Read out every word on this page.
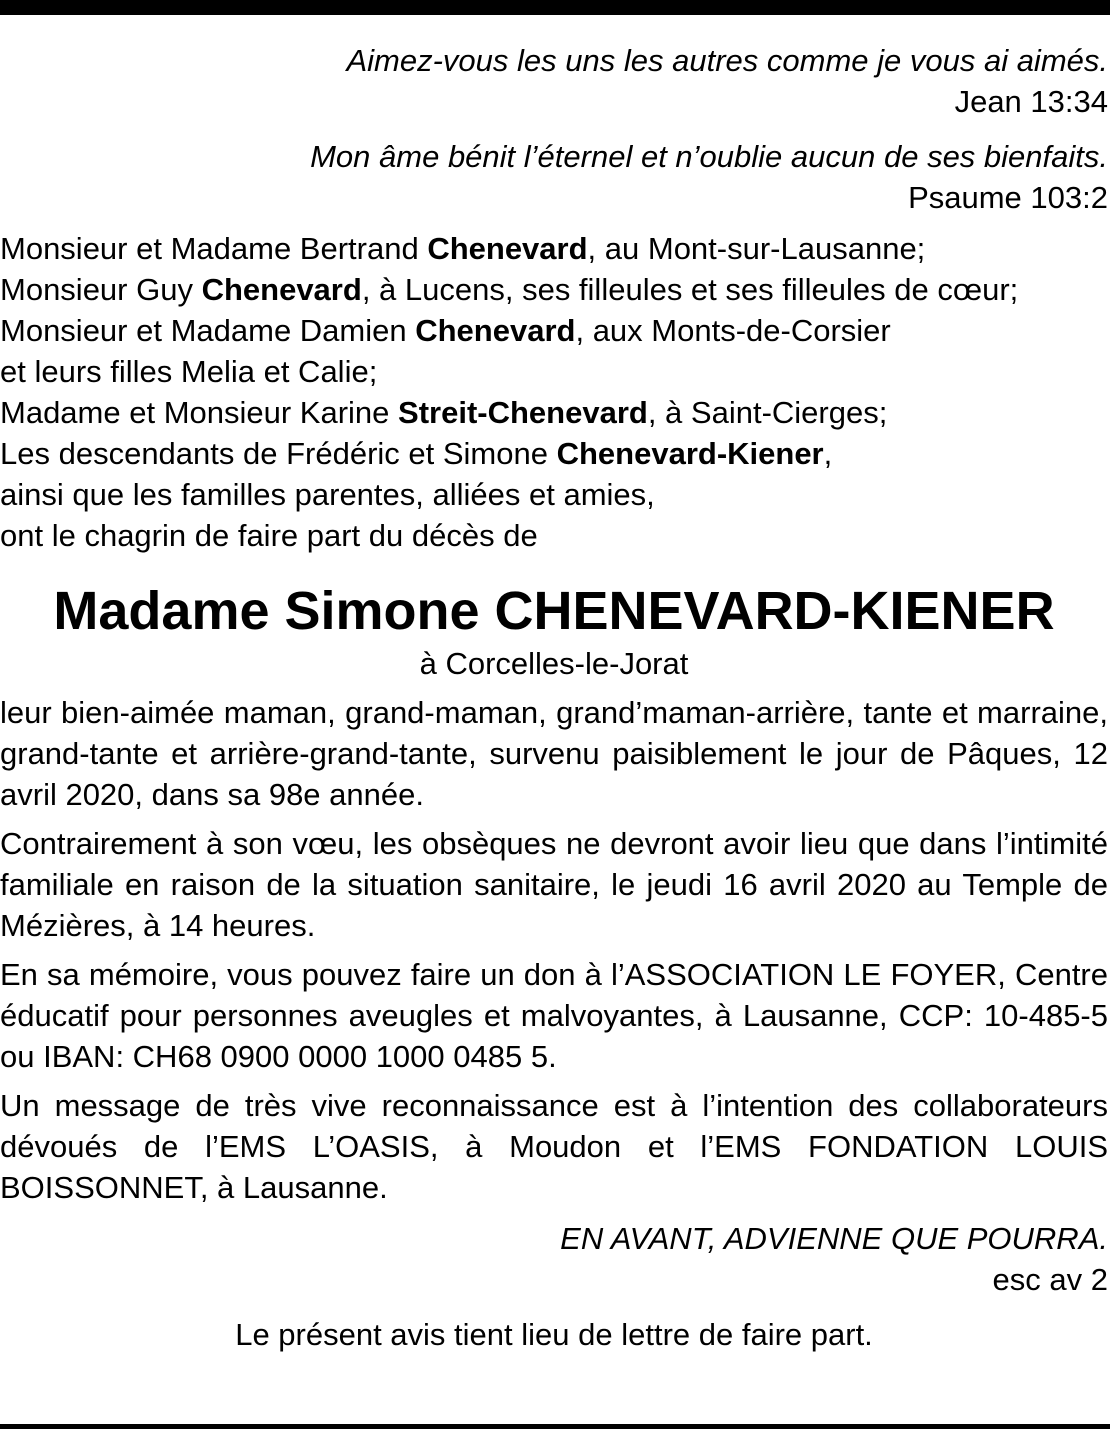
Aimez-vous les uns les autres comme je vous ai aimés.
Jean 13:34
Mon âme bénit l’éternel et n’oublie aucun de ses bienfaits.
Psaume 103:2
Monsieur et Madame Bertrand Chenevard, au Mont-sur-Lausanne;
Monsieur Guy Chenevard, à Lucens, ses filleules et ses filleules de cœur;
Monsieur et Madame Damien Chenevard, aux Monts-de-Corsier
et leurs filles Melia et Calie;
Madame et Monsieur Karine Streit-Chenevard, à Saint-Cierges;
Les descendants de Frédéric et Simone Chenevard-Kiener,
ainsi que les familles parentes, alliées et amies,
ont le chagrin de faire part du décès de
Madame Simone CHENEVARD-KIENER
à Corcelles-le-Jorat

leur bien-aimée maman, grand-maman, grand’maman-arrière, tante et marraine, grand-tante et arrière-grand-tante, survenu paisiblement le jour de Pâques, 12 avril 2020, dans sa 98e année.

Contrairement à son vœu, les obsèques ne devront avoir lieu que dans l’intimité familiale en raison de la situation sanitaire, le jeudi 16 avril 2020 au Temple de Mézières, à 14 heures.

En sa mémoire, vous pouvez faire un don à l’ASSOCIATION LE FOYER, Centre éducatif pour personnes aveugles et malvoyantes, à Lausanne, CCP: 10-485-5 ou IBAN: CH68 0900 0000 1000 0485 5.

Un message de très vive reconnaissance est à l’intention des collaborateurs dévoués de l’EMS L’OASIS, à Moudon et l’EMS FONDATION LOUIS BOISSONNET, à Lausanne.

EN AVANT, ADVIENNE QUE POURRA.
esc av 2
Le présent avis tient lieu de lettre de faire part.
